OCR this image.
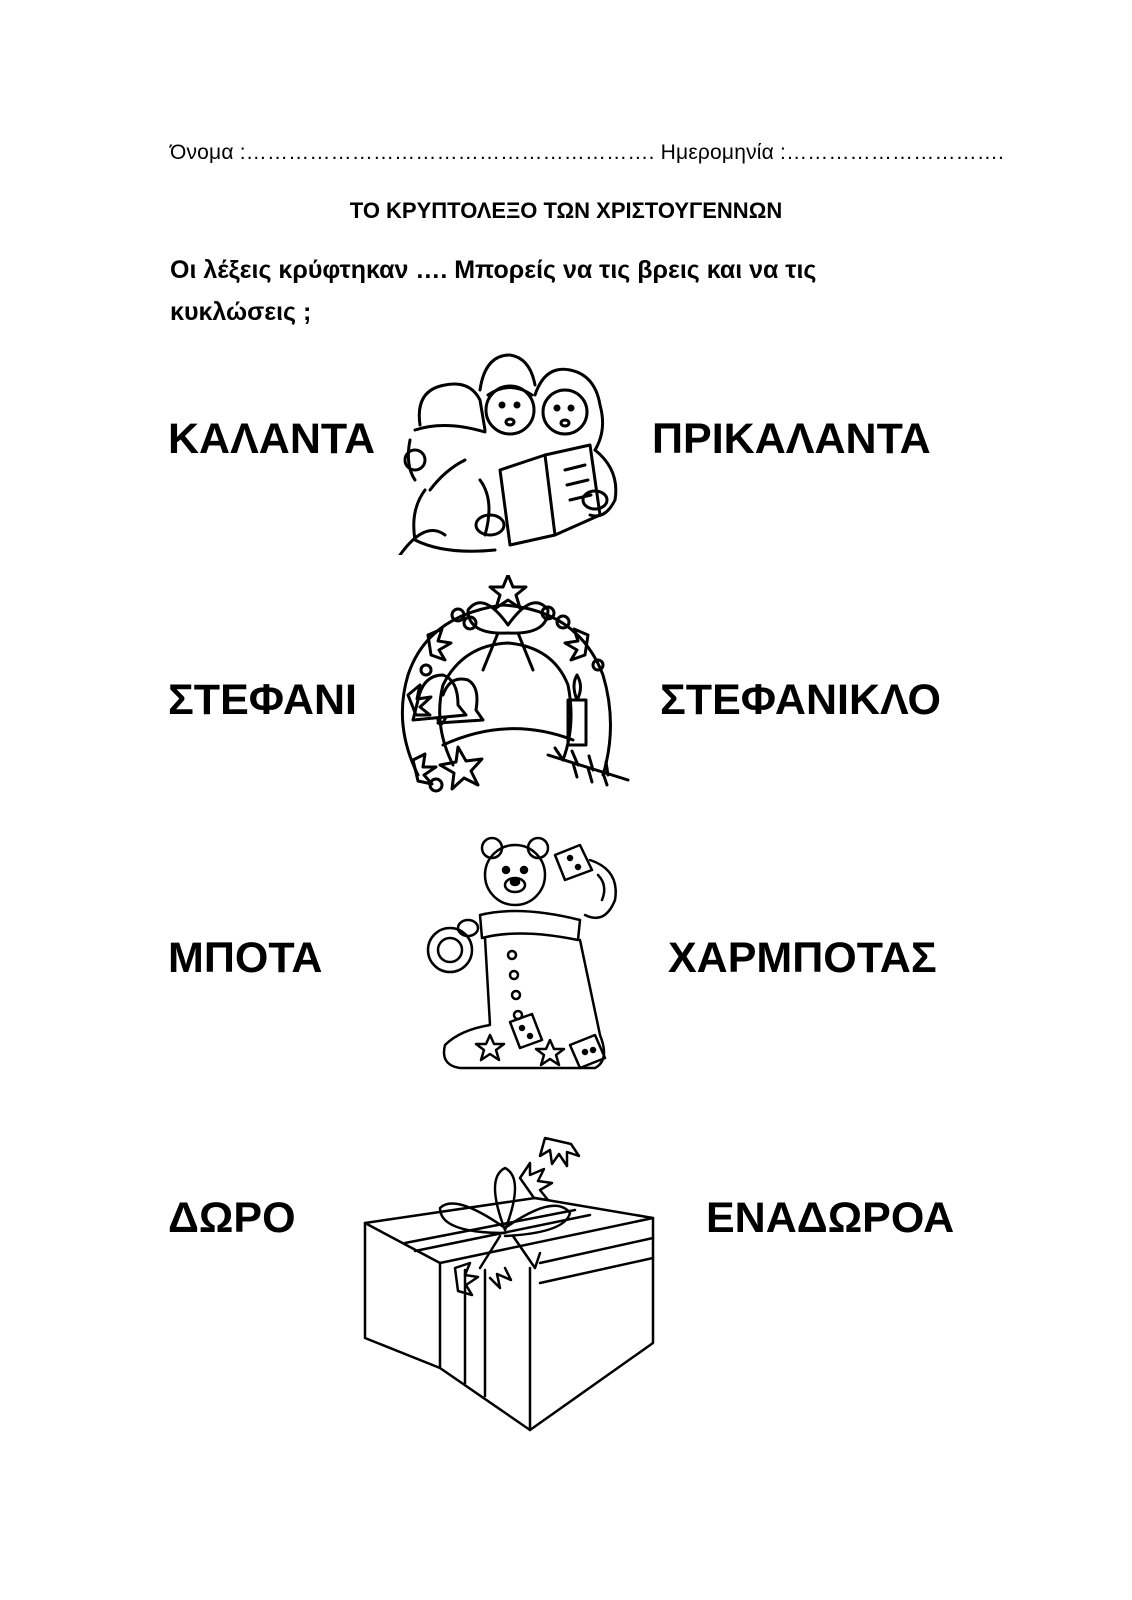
Όνομα :…………………………………………………. Ημερομηνία :………………………….
ΤΟ ΚΡΥΠΤΟΛΕΞΟ ΤΩΝ ΧΡΙΣΤΟΥΓΕΝΝΩΝ
Οι λέξεις κρύφτηκαν …. Μπορείς να τις βρεις και να τις
κυκλώσεις ;
ΚΑΛΑΝΤΑ	ΠΡΙΚΑΛΑΝΤΑ
ΣΤΕΦΑΝΙ	ΣΤΕΦΑΝΙΚΛΟ
ΜΠΟΤΑ	ΧΑΡΜΠΟΤΑΣ
ΔΩΡΟ	ΕΝΑΔΩΡΟΑ
